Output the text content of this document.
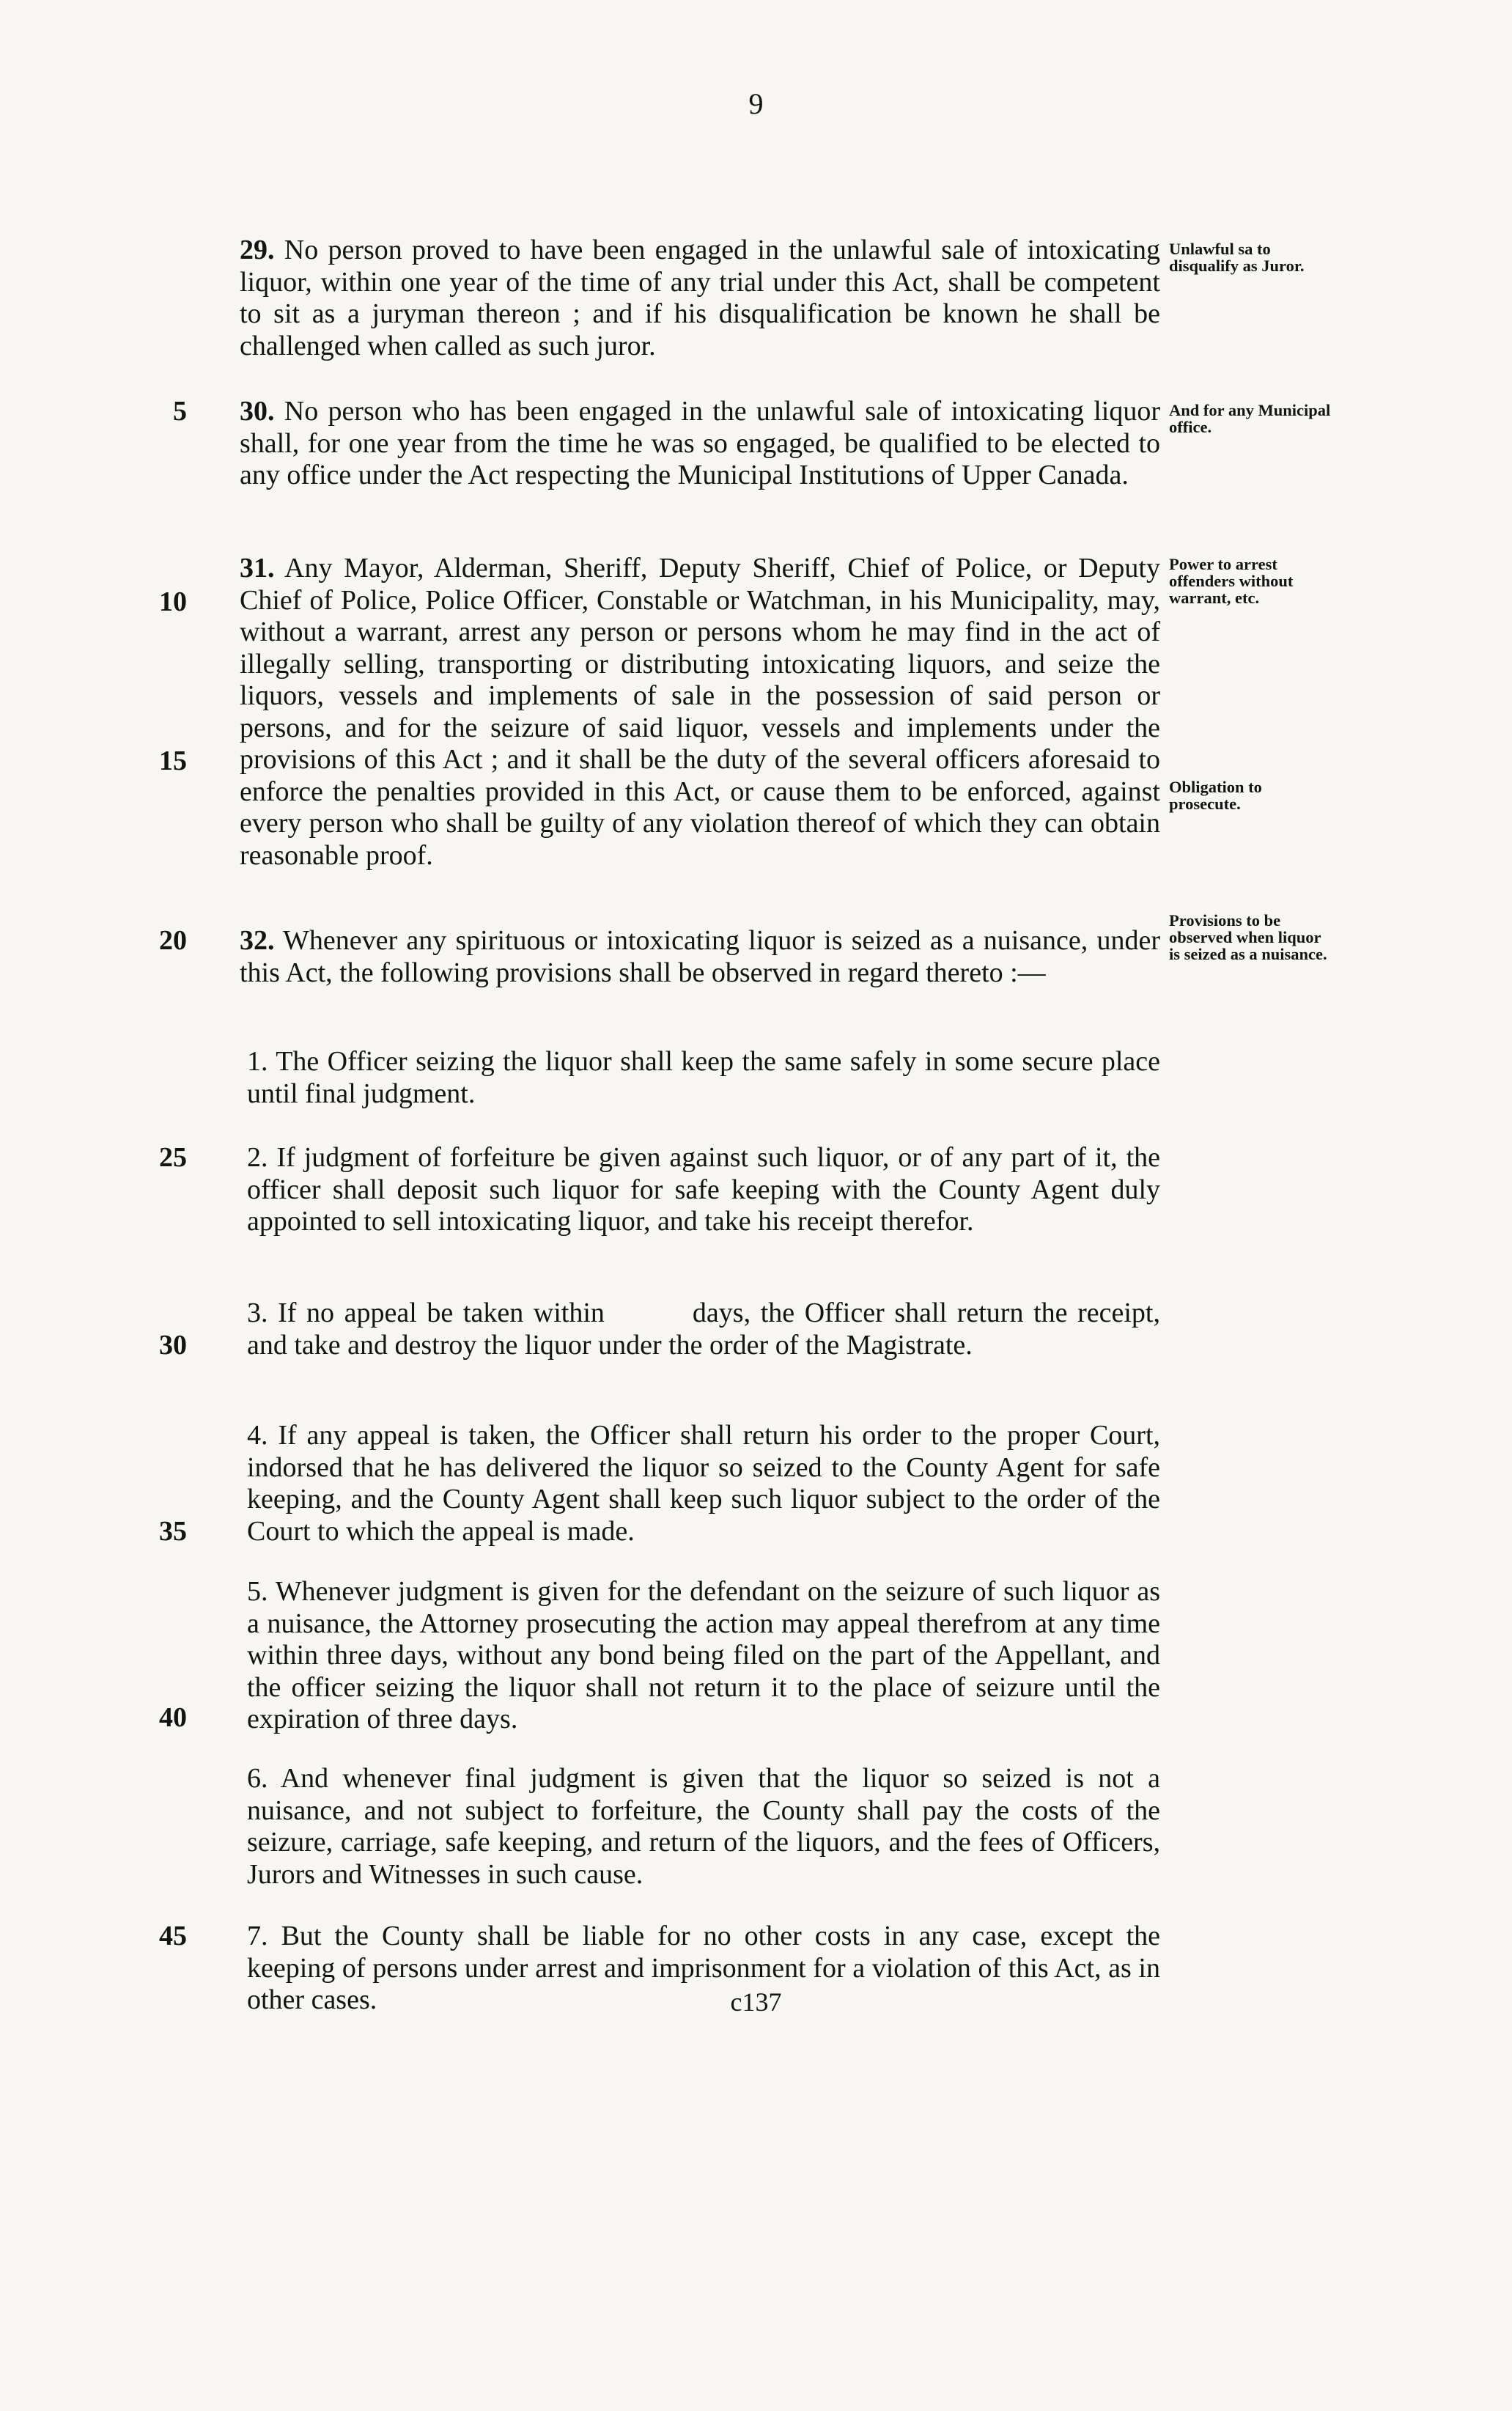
9

29. No person proved to have been engaged in the unlawful sale of intoxicating liquor, within one year of the time of any trial under this Act, shall be competent to sit as a juryman thereon ; and if his disqualification be known he shall be challenged when called as such juror.

Unlawful sa to disqualify as Juror.

30. No person who has been engaged in the unlawful sale of intoxicating liquor shall, for one year from the time he was so engaged, be qualified to be elected to any office under the Act respecting the Municipal Institutions of Upper Canada.

And for any Municipal office.

31. Any Mayor, Alderman, Sheriff, Deputy Sheriff, Chief of Police, or Deputy Chief of Police, Police Officer, Constable or Watchman, in his Municipality, may, without a warrant, arrest any person or persons whom he may find in the act of illegally selling, transporting or distributing intoxicating liquors, and seize the liquors, vessels and implements of sale in the possession of said person or persons, and for the seizure of said liquor, vessels and implements under the provisions of this Act ; and it shall be the duty of the several officers aforesaid to enforce the penalties provided in this Act, or cause them to be enforced, against every person who shall be guilty of any violation thereof of which they can obtain reasonable proof.

Power to arrest offenders without warrant, etc.

Obligation to prosecute.

32. Whenever any spirituous or intoxicating liquor is seized as a nuisance, under this Act, the following provisions shall be observed in regard thereto :—

Provisions to be observed when liquor is seized as a nuisance.

1. The Officer seizing the liquor shall keep the same safely in some secure place until final judgment.

2. If judgment of forfeiture be given against such liquor, or of any part of it, the officer shall deposit such liquor for safe keeping with the County Agent duly appointed to sell intoxicating liquor, and take his receipt therefor.

3. If no appeal be taken within	days, the Officer shall return the receipt, and take and destroy the liquor under the order of the Magistrate.

4. If any appeal is taken, the Officer shall return his order to the proper Court, indorsed that he has delivered the liquor so seized to the County Agent for safe keeping, and the County Agent shall keep such liquor subject to the order of the Court to which the appeal is made.

5. Whenever judgment is given for the defendant on the seizure of such liquor as a nuisance, the Attorney prosecuting the action may appeal therefrom at any time within three days, without any bond being filed on the part of the Appellant, and the officer seizing the liquor shall not return it to the place of seizure until the expiration of three days.

6. And whenever final judgment is given that the liquor so seized is not a nuisance, and not subject to forfeiture, the County shall pay the costs of the seizure, carriage, safe keeping, and return of the liquors, and the fees of Officers, Jurors and Witnesses in such cause.

7. But the County shall be liable for no other costs in any case, except the keeping of persons under arrest and imprisonment for a violation of this Act, as in other cases.

5
10
15
20
25
30
35
40
45
c137
